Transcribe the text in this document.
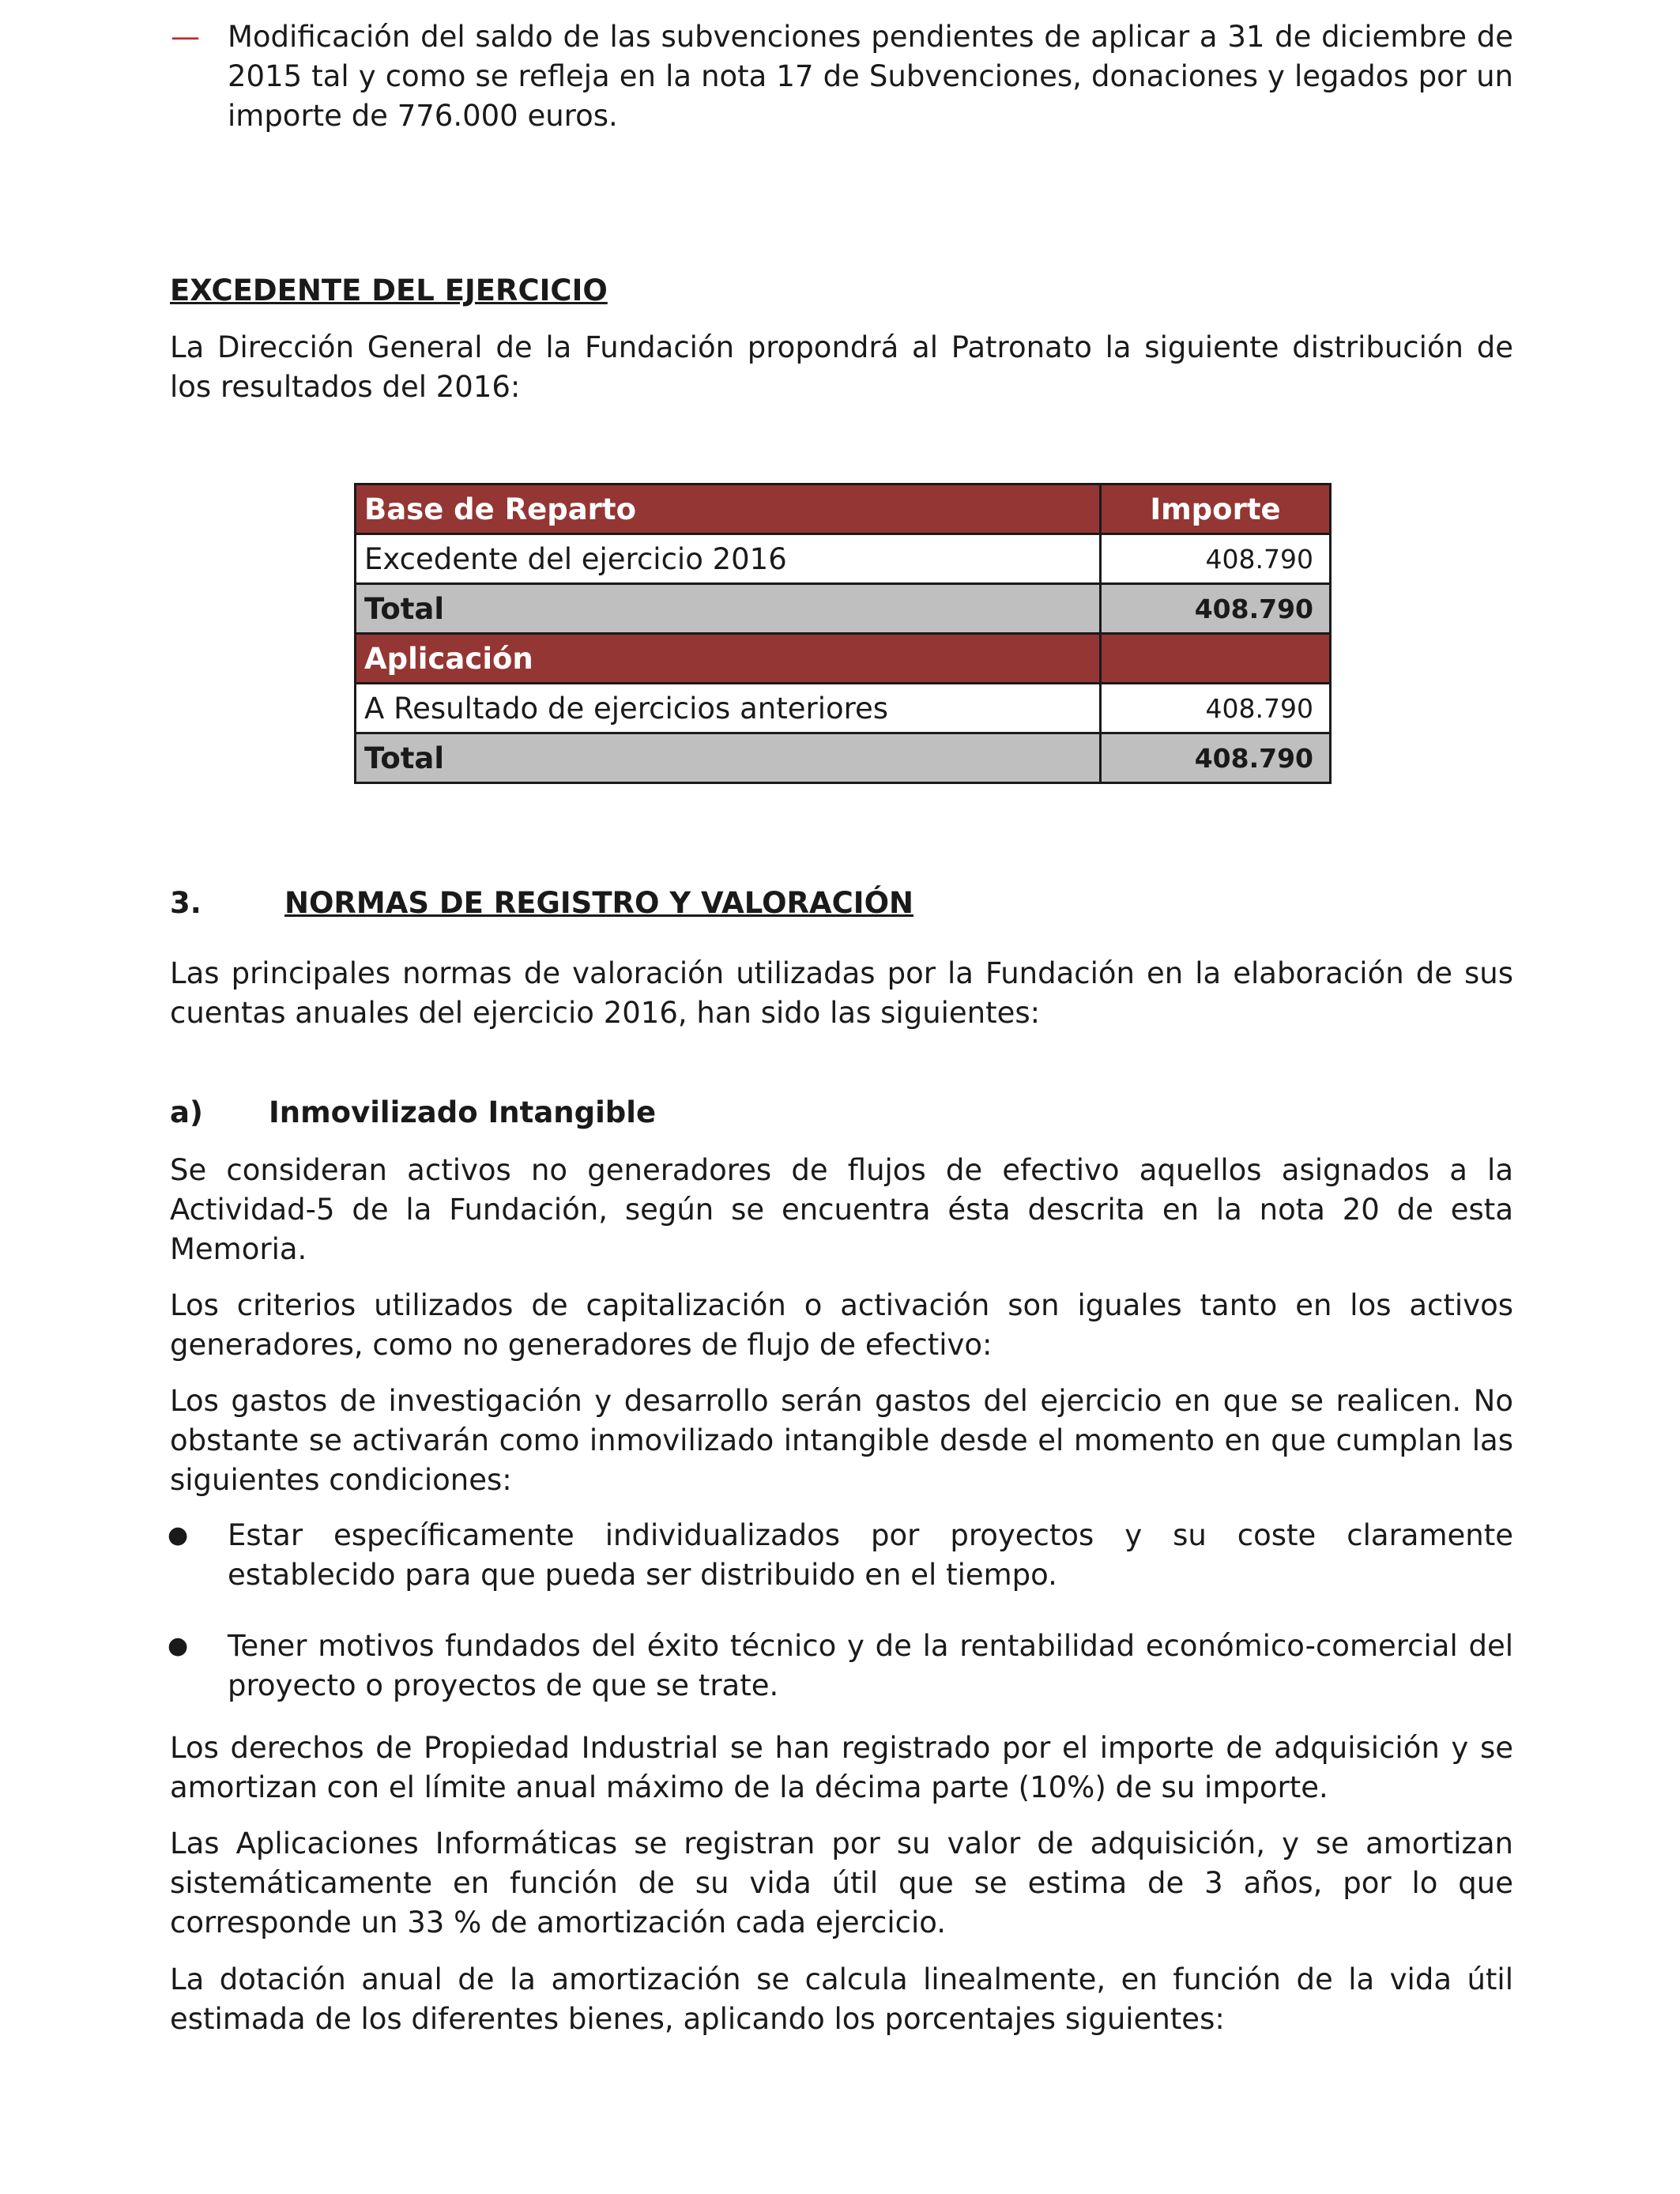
— Modificación del saldo de las subvenciones pendientes de aplicar a 31 de diciembre de 2015 tal y como se refleja en la nota 17 de Subvenciones, donaciones y legados por un importe de 776.000 euros.

EXCEDENTE DEL EJERCICIO

La Dirección General de la Fundación propondrá al Patronato la siguiente distribución de los resultados del 2016:

Base de Reparto	Importe
Excedente del ejercicio 2016	408.790
Total	408.790
Aplicación	
A Resultado de ejercicios anteriores	408.790
Total	408.790
3.	NORMAS DE REGISTRO Y VALORACIÓN

Las principales normas de valoración utilizadas por la Fundación en la elaboración de sus cuentas anuales del ejercicio 2016, han sido las siguientes:

a) Inmovilizado Intangible

Se consideran activos no generadores de flujos de efectivo aquellos asignados a la Actividad-5 de la Fundación, según se encuentra ésta descrita en la nota 20 de esta Memoria.

Los criterios utilizados de capitalización o activación son iguales tanto en los activos generadores, como no generadores de flujo de efectivo:

Los gastos de investigación y desarrollo serán gastos del ejercicio en que se realicen. No obstante se activarán como inmovilizado intangible desde el momento en que cumplan las siguientes condiciones:

● Estar específicamente individualizados por proyectos y su coste claramente establecido para que pueda ser distribuido en el tiempo.

● Tener motivos fundados del éxito técnico y de la rentabilidad económico-comercial del proyecto o proyectos de que se trate.

Los derechos de Propiedad Industrial se han registrado por el importe de adquisición y se amortizan con el límite anual máximo de la décima parte (10%) de su importe.

Las Aplicaciones Informáticas se registran por su valor de adquisición, y se amortizan sistemáticamente en función de su vida útil que se estima de 3 años, por lo que corresponde un 33 % de amortización cada ejercicio.

La dotación anual de la amortización se calcula linealmente, en función de la vida útil estimada de los diferentes bienes, aplicando los porcentajes siguientes:
